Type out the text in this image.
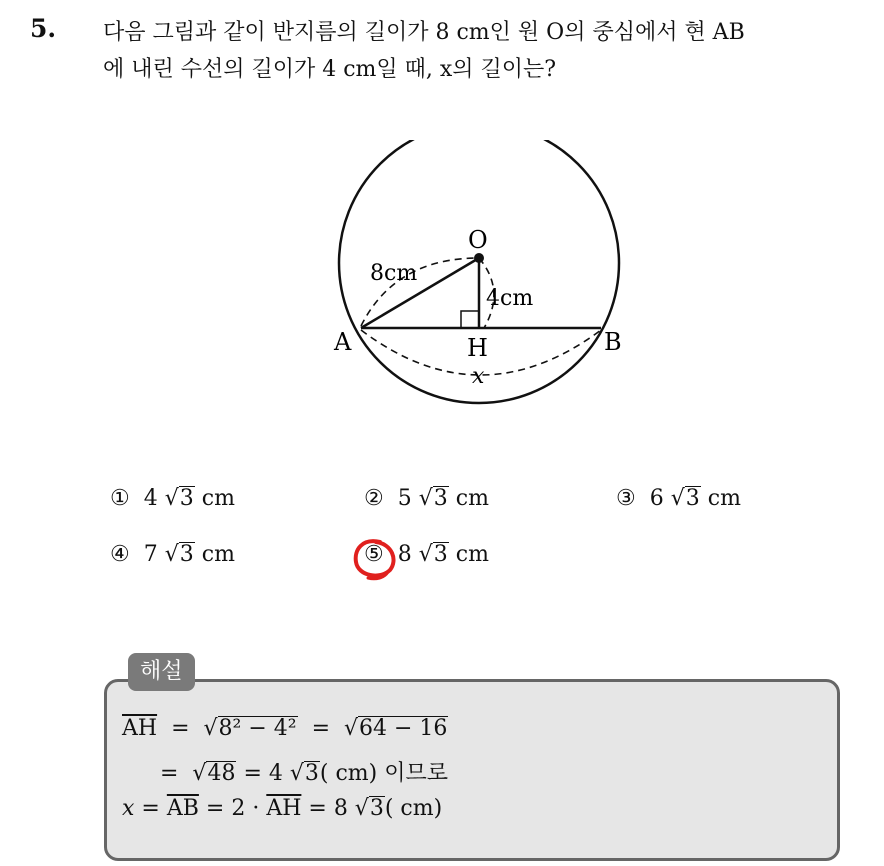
5. 다음 그림과 같이 반지름의 길이가 8 cm인 원 O의 중심에서 현 AB
에 내린 수선의 길이가 4 cm일 때, x의 길이는?
O
A	B
H
x
8cm
4cm
① 4 √3 cm	② 5 √3 cm	③ 6 √3 cm
④ 7 √3 cm	⑤ 8 √3 cm
해설
$\overline{AH} = √8^2 - 4^2 = √64 - 16$
=  √48 = 4 √3( cm) 이므로
$x = \overline{AB} = 2 \cdot \overline{AH} = 8$ √3( cm)
